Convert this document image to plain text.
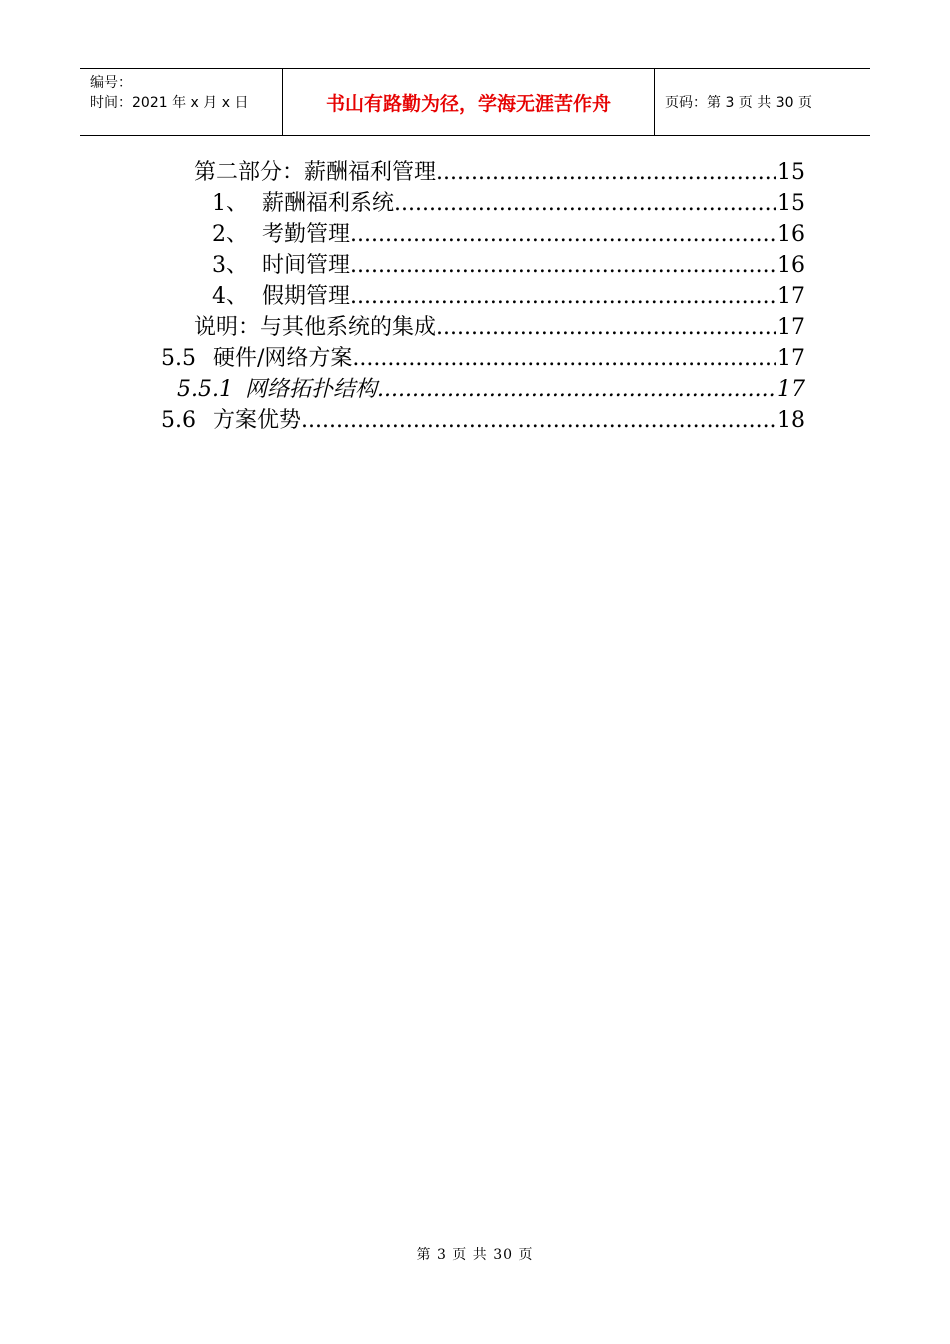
编号：
时间：2021 年 x 月 x 日	书山有路勤为径，学海无涯苦作舟	页码：第 3 页 共 30 页
第二部分：薪酬福利管理 .....	15
1、 薪酬福利系统 .....	15
2、 考勤管理 .....	16
3、 时间管理 .....	16
4、 假期管理 .....	17
说明：与其他系统的集成 .....	17
5.5 硬件/网络方案 .....	17
5.5.1 网络拓扑结构 .....	17
5.6 方案优势 .....	18
第 3 页 共 30 页
